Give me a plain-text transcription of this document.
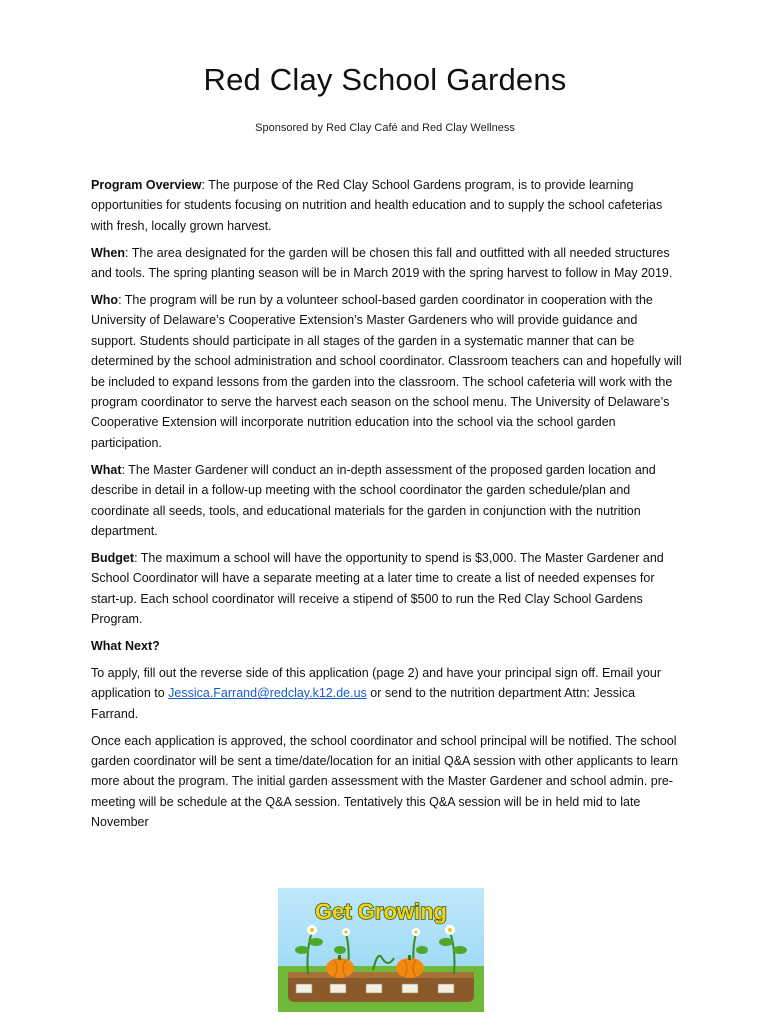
Red Clay School Gardens

Sponsored by Red Clay Café and Red Clay Wellness

Program Overview: The purpose of the Red Clay School Gardens program, is to provide learning opportunities for students focusing on nutrition and health education and to supply the school cafeterias with fresh, locally grown harvest.

When: The area designated for the garden will be chosen this fall and outfitted with all needed structures and tools. The spring planting season will be in March 2019 with the spring harvest to follow in May 2019.

Who: The program will be run by a volunteer school-based garden coordinator in cooperation with the University of Delaware’s Cooperative Extension’s Master Gardeners who will provide guidance and support. Students should participate in all stages of the garden in a systematic manner that can be determined by the school administration and school coordinator. Classroom teachers can and hopefully will be included to expand lessons from the garden into the classroom. The school cafeteria will work with the program coordinator to serve the harvest each season on the school menu. The University of Delaware’s Cooperative Extension will incorporate nutrition education into the school via the school garden participation.

What: The Master Gardener will conduct an in-depth assessment of the proposed garden location and describe in detail in a follow-up meeting with the school coordinator the garden schedule/plan and coordinate all seeds, tools, and educational materials for the garden in conjunction with the nutrition department.

Budget: The maximum a school will have the opportunity to spend is $3,000. The Master Gardener and School Coordinator will have a separate meeting at a later time to create a list of needed expenses for start-up. Each school coordinator will receive a stipend of $500 to run the Red Clay School Gardens Program.

What Next?

To apply, fill out the reverse side of this application (page 2) and have your principal sign off. Email your application to Jessica.Farrand@redclay.k12.de.us or send to the nutrition department Attn: Jessica Farrand.

Once each application is approved, the school coordinator and school principal will be notified. The school garden coordinator will be sent a time/date/location for an initial Q&A session with other applicants to learn more about the program. The initial garden assessment with the Master Gardener and school admin. pre-meeting will be schedule at the Q&A session. Tentatively this Q&A session will be in held mid to late November

Get Growing
